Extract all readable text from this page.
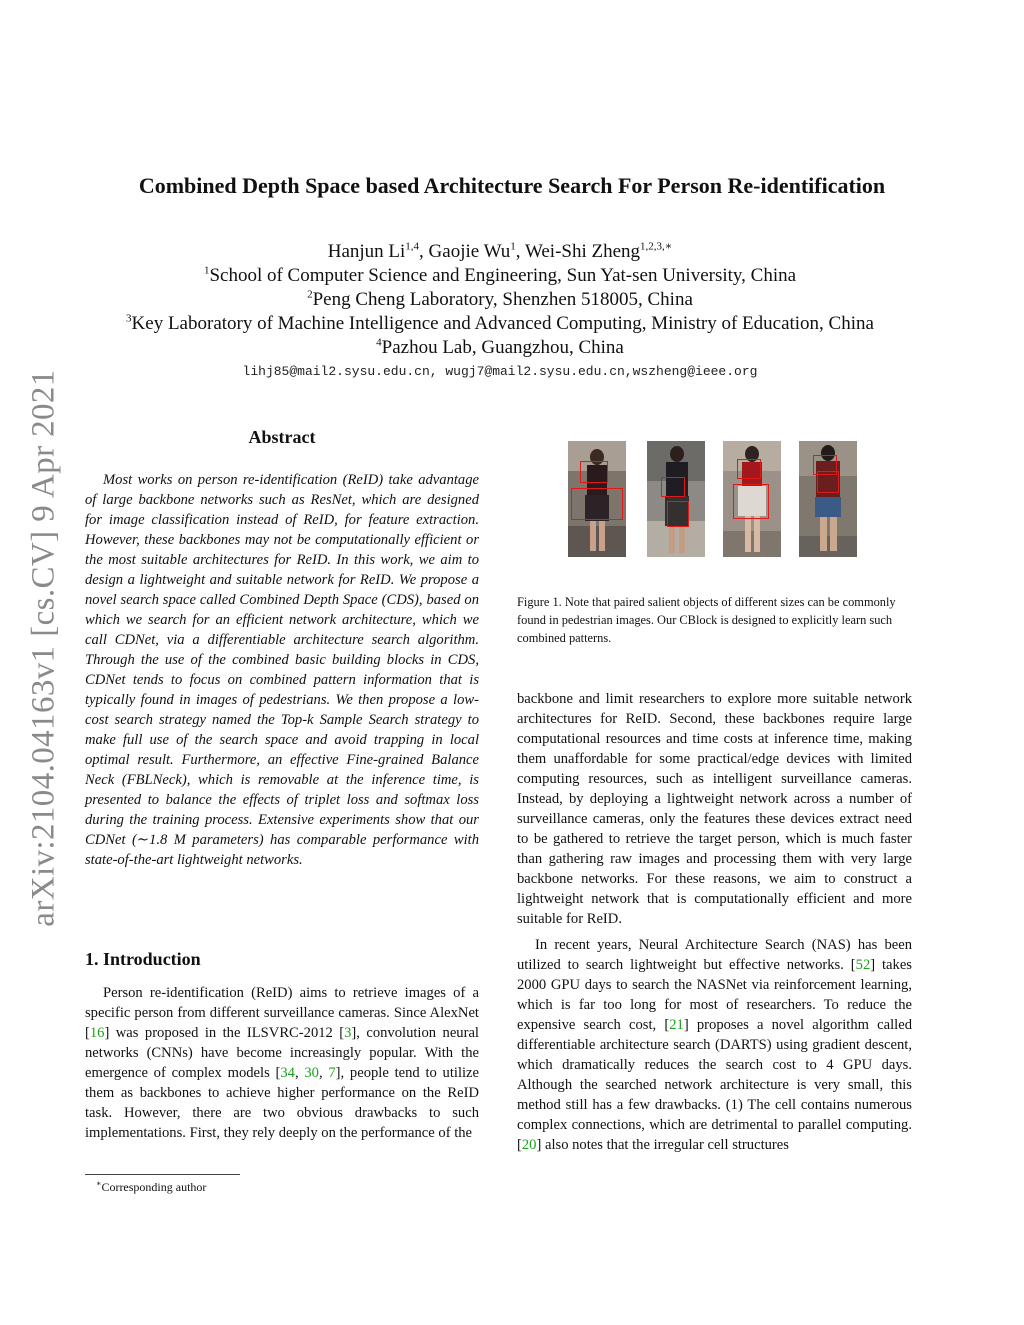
arXiv:2104.04163v1 [cs.CV] 9 Apr 2021
Combined Depth Space based Architecture Search For Person Re-identification
Hanjun Li$^{1,4}$, Gaojie Wu$^1$, Wei-Shi Zheng$^{1,2,3,∗}$
$^1$School of Computer Science and Engineering, Sun Yat-sen University, China
$^2$Peng Cheng Laboratory, Shenzhen 518005, China
$^3$Key Laboratory of Machine Intelligence and Advanced Computing, Ministry of Education, China
$^4$Pazhou Lab, Guangzhou, China
lihj85@mail2.sysu.edu.cn, wugj7@mail2.sysu.edu.cn,wszheng@ieee.org
Abstract

Most works on person re-identification (ReID) take advantage of large backbone networks such as ResNet, which are designed for image classification instead of ReID, for feature extraction. However, these backbones may not be computationally efficient or the most suitable architectures for ReID. In this work, we aim to design a lightweight and suitable network for ReID. We propose a novel search space called Combined Depth Space (CDS), based on which we search for an efficient network architecture, which we call CDNet, via a differentiable architecture search algorithm. Through the use of the combined basic building blocks in CDS, CDNet tends to focus on combined pattern information that is typically found in images of pedestrians. We then propose a low-cost search strategy named the Top-k Sample Search strategy to make full use of the search space and avoid trapping in local optimal result. Furthermore, an effective Fine-grained Balance Neck (FBLNeck), which is removable at the inference time, is presented to balance the effects of triplet loss and softmax loss during the training process. Extensive experiments show that our CDNet (∼1.8 M parameters) has comparable performance with state-of-the-art lightweight networks.

Figure 1. Note that paired salient objects of different sizes can be commonly found in pedestrian images. Our CBlock is designed to explicitly learn such combined patterns.
1. Introduction

Person re-identification (ReID) aims to retrieve images of a specific person from different surveillance cameras. Since AlexNet [16] was proposed in the ILSVRC-2012 [3], convolution neural networks (CNNs) have become increasingly popular. With the emergence of complex models [34, 30, 7], people tend to utilize them as backbones to achieve higher performance on the ReID task. However, there are two obvious drawbacks to such implementations. First, they rely deeply on the performance of the

backbone and limit researchers to explore more suitable network architectures for ReID. Second, these backbones require large computational resources and time costs at inference time, making them unaffordable for some practical/edge devices with limited computing resources, such as intelligent surveillance cameras. Instead, by deploying a lightweight network across a number of surveillance cameras, only the features these devices extract need to be gathered to retrieve the target person, which is much faster than gathering raw images and processing them with very large backbone networks. For these reasons, we aim to construct a lightweight network that is computationally efficient and more suitable for ReID.

In recent years, Neural Architecture Search (NAS) has been utilized to search lightweight but effective networks. [52] takes 2000 GPU days to search the NASNet via reinforcement learning, which is far too long for most of researchers. To reduce the expensive search cost, [21] proposes a novel algorithm called differentiable architecture search (DARTS) using gradient descent, which dramatically reduces the search cost to 4 GPU days. Although the searched network architecture is very small, this method still has a few drawbacks. (1) The cell contains numerous complex connections, which are detrimental to parallel computing. [20] also notes that the irregular cell structures

∗Corresponding author
